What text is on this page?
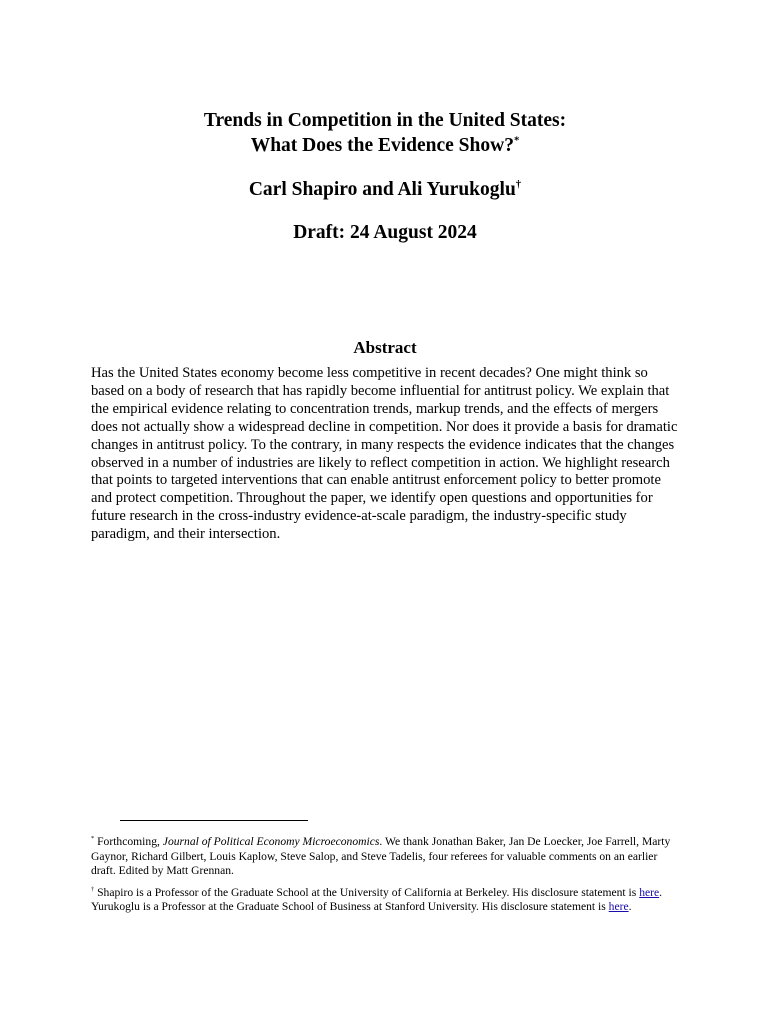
Trends in Competition in the United States:
What Does the Evidence Show?*
Carl Shapiro and Ali Yurukoglu†
Draft: 24 August 2024
Abstract
Has the United States economy become less competitive in recent decades? One might think so based on a body of research that has rapidly become influential for antitrust policy. We explain that the empirical evidence relating to concentration trends, markup trends, and the effects of mergers does not actually show a widespread decline in competition. Nor does it provide a basis for dramatic changes in antitrust policy. To the contrary, in many respects the evidence indicates that the changes observed in a number of industries are likely to reflect competition in action. We highlight research that points to targeted interventions that can enable antitrust enforcement policy to better promote and protect competition. Throughout the paper, we identify open questions and opportunities for future research in the cross-industry evidence-at-scale paradigm, the industry-specific study paradigm, and their intersection.

* Forthcoming, Journal of Political Economy Microeconomics. We thank Jonathan Baker, Jan De Loecker, Joe Farrell, Marty Gaynor, Richard Gilbert, Louis Kaplow, Steve Salop, and Steve Tadelis, four referees for valuable comments on an earlier draft. Edited by Matt Grennan.

† Shapiro is a Professor of the Graduate School at the University of California at Berkeley. His disclosure statement is here. Yurukoglu is a Professor at the Graduate School of Business at Stanford University. His disclosure statement is here.
